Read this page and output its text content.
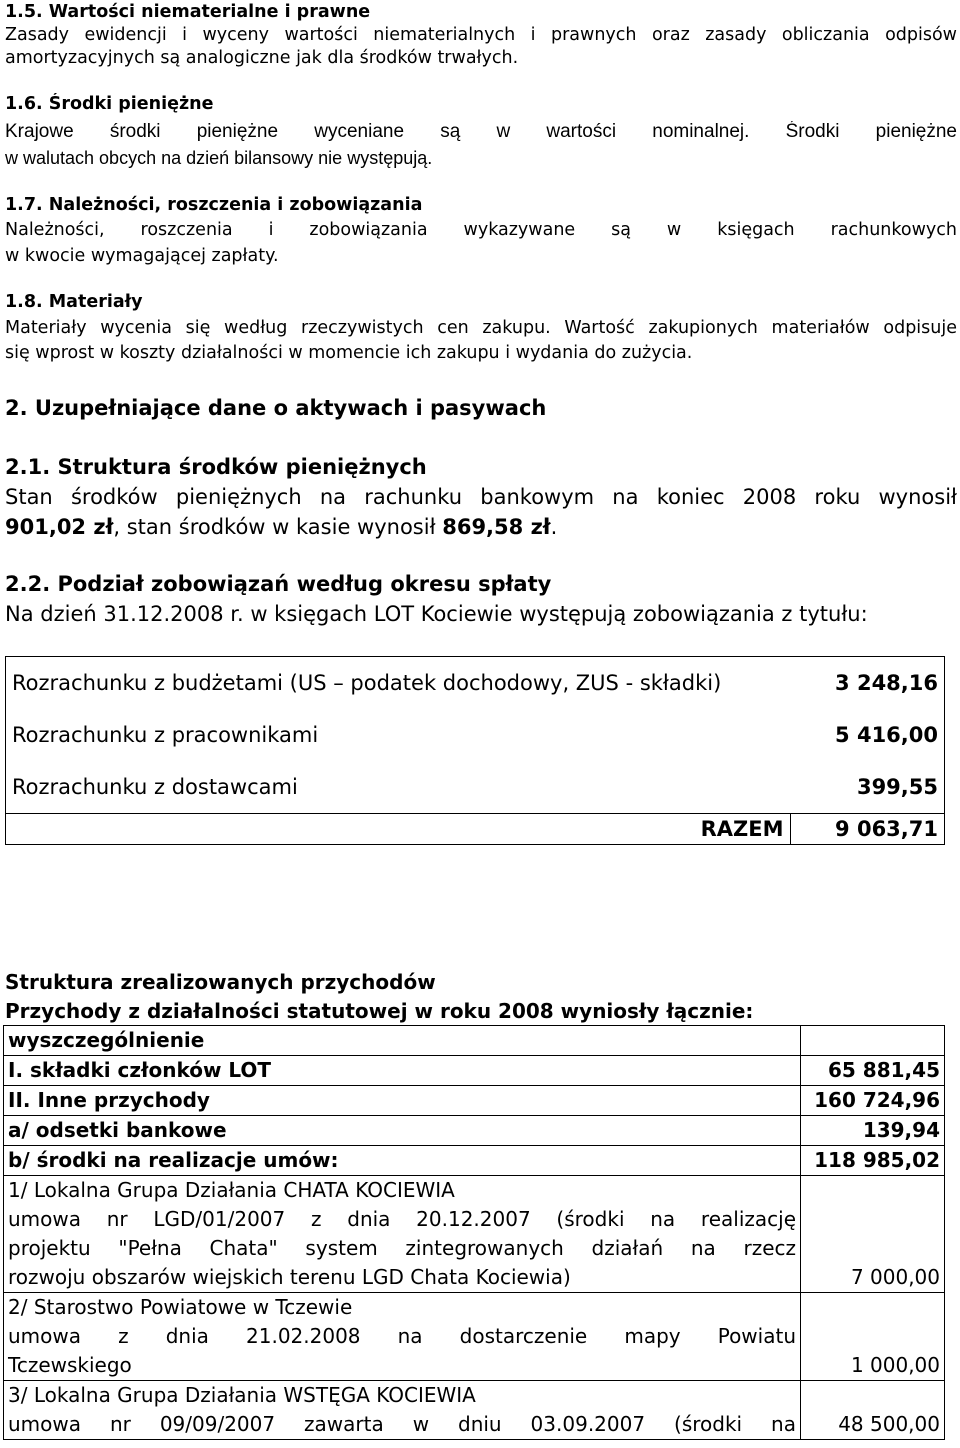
1.5. Wartości niematerialne i prawne
Zasady ewidencji i wyceny wartości niematerialnych i prawnych oraz zasady obliczania odpisów
amortyzacyjnych są analogiczne jak dla środków trwałych.
1.6. Środki pieniężne
Krajowe środki pieniężne wyceniane są w wartości nominalnej. Środki pieniężne
w walutach obcych na dzień bilansowy nie występują.
1.7. Należności, roszczenia i zobowiązania
Należności, roszczenia i zobowiązania wykazywane są w księgach rachunkowych
w kwocie wymagającej zapłaty.
1.8. Materiały
Materiały wycenia się według rzeczywistych cen zakupu. Wartość zakupionych materiałów odpisuje
się wprost w koszty działalności w momencie ich zakupu i wydania do zużycia.
2. Uzupełniające dane o aktywach i pasywach
2.1. Struktura środków pieniężnych
Stan środków pieniężnych na rachunku bankowym na koniec 2008 roku wynosił
901,02 zł, stan środków w kasie wynosił 869,58 zł.
2.2. Podział zobowiązań według okresu spłaty
Na dzień 31.12.2008 r. w księgach LOT Kociewie występują zobowiązania z tytułu:
Rozrachunku z budżetami (US – podatek dochodowy, ZUS - składki)	3 248,16
Rozrachunku z pracownikami	5 416,00
Rozrachunku z dostawcami	399,55
RAZEM	9 063,71
Struktura zrealizowanych przychodów
Przychody z działalności statutowej w roku 2008 wyniosły łącznie:
wyszczególnienie	
I. składki członków LOT	65 881,45
II. Inne przychody	160 724,96
a/ odsetki bankowe	139,94
b/ środki na realizacje umów:	118 985,02

1/ Lokalna Grupa Działania CHATA KOCIEWIA
umowa nr LGD/01/2007 z dnia 20.12.2007 (środki na realizację
projektu "Pełna Chata" system zintegrowanych działań na rzecz
rozwoju obszarów wiejskich terenu LGD Chata Kociewia)	7 000,00

2/ Starostwo Powiatowe w Tczewie
umowa z dnia 21.02.2008 na dostarczenie mapy Powiatu
Tczewskiego	1 000,00

3/ Lokalna Grupa Działania WSTĘGA KOCIEWIA
umowa nr 09/09/2007 zawarta w dniu 03.09.2007 (środki na	48 500,00
